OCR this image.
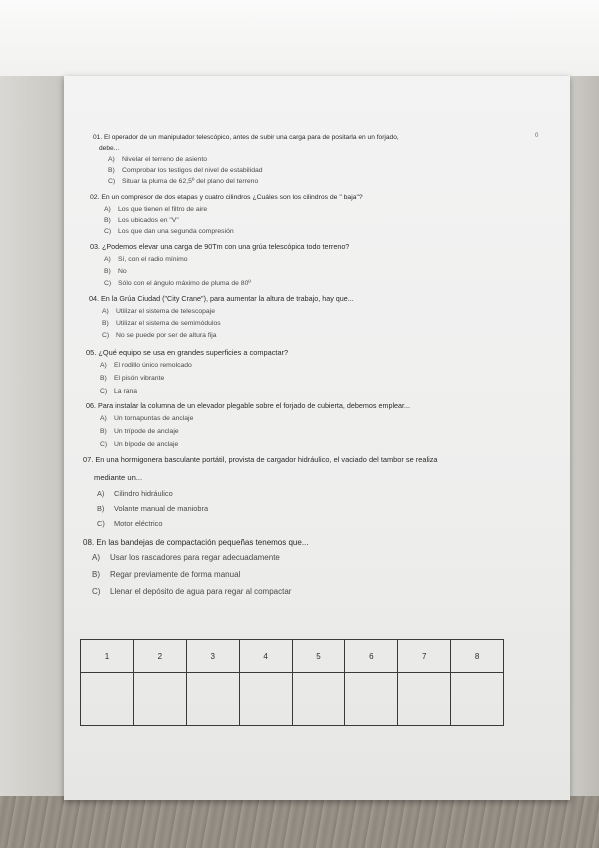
0
01. El operador de un manipulador telescópico, antes de subir una carga para de positarla en un forjado,
debe...
A) Nivelar el terreno de asiento
B) Comprobar los testigos del nivel de estabilidad
C) Situar la pluma de 62,5º del plano del terreno
02. En un compresor de dos etapas y cuatro cilindros ¿Cuáles son los cilindros de " baja"?
A) Los que tienen el filtro de aire
B) Los ubicados en "V"
C) Los que dan una segunda compresión
03. ¿Podemos elevar una carga de 90Tm con una grúa telescópica todo terreno?
A) Sí, con el radio mínimo
B) No
C) Sólo con el ángulo máximo de pluma de 80º
04. En la Grúa Ciudad ("City Crane"), para aumentar la altura de trabajo, hay que...
A) Utilizar el sistema de telescopaje
B) Utilizar el sistema de semimódulos
C) No se puede por ser de altura fija
05. ¿Qué equipo se usa en grandes superficies a compactar?
A) El rodillo único remolcado
B) El pisón vibrante
C) La rana
06. Para instalar la columna de un elevador plegable sobre el forjado de cubierta, debemos emplear...
A) Un tornapuntas de anclaje
B) Un trípode de anclaje
C) Un bípode de anclaje
07. En una hormigonera basculante portátil, provista de cargador hidráulico, el vaciado del tambor se realiza
mediante un...
A) Cilindro hidráulico
B) Volante manual de maniobra
C) Motor eléctrico
08. En las bandejas de compactación pequeñas tenemos que...
A) Usar los rascadores para regar adecuadamente
B) Regar previamente de forma manual
C) Llenar el depósito de agua para regar al compactar
1	2	3	4	5	6	7	8
